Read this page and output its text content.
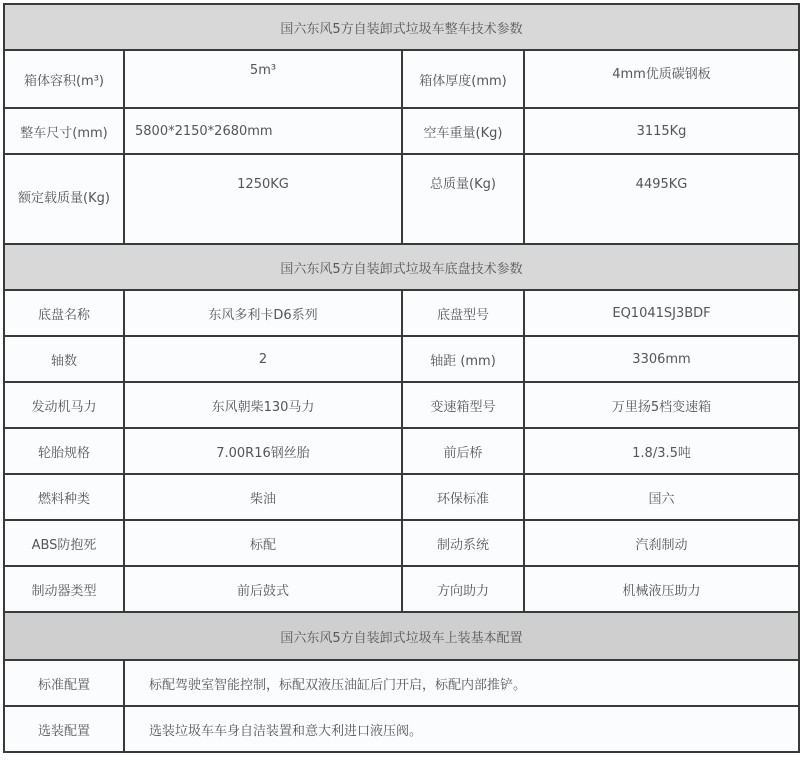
国六东风5方自装卸式垃圾车整车技术参数			
箱体容积(m³)	5m³	箱体厚度(mm)	4mm优质碳钢板
整车尺寸(mm)	5800*2150*2680mm	空车重量(Kg)	3115Kg
额定载质量(Kg)	1250KG	总质量(Kg)	4495KG
国六东风5方自装卸式垃圾车底盘技术参数			
底盘名称	东风多利卡D6系列	底盘型号	EQ1041SJ3BDF
轴数	2	轴距 (mm)	3306mm
发动机马力	东风朝柴130马力	变速箱型号	万里扬5档变速箱
轮胎规格	7.00R16钢丝胎	前后桥	1.8/3.5吨
燃料种类	柴油	环保标准	国六
ABS防抱死	标配	制动系统	汽刹制动
制动器类型	前后鼓式	方向助力	机械液压助力
国六东风5方自装卸式垃圾车上装基本配置			
标准配置	标配驾驶室智能控制，标配双液压油缸后门开启，标配内部推铲。		
选装配置	选装垃圾车车身自洁装置和意大利进口液压阀。		
